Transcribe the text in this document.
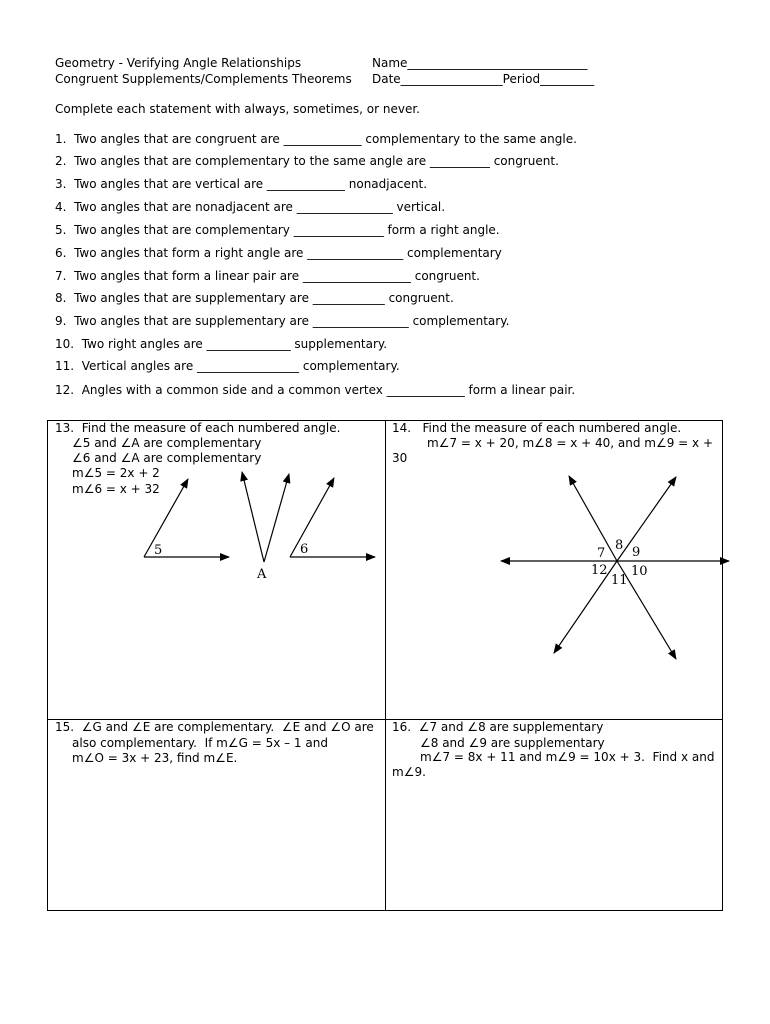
Geometry - Verifying Angle Relationships
Congruent Supplements/Complements Theorems
Name______________________________
Date_________________Period_________
Complete each statement with always, sometimes, or never.
1.  Two angles that are congruent are _____________ complementary to the same angle.
2.  Two angles that are complementary to the same angle are __________ congruent.
3.  Two angles that are vertical are _____________ nonadjacent.
4.  Two angles that are nonadjacent are ________________ vertical.
5.  Two angles that are complementary _______________ form a right angle.
6.  Two angles that form a right angle are ________________ complementary
7.  Two angles that form a linear pair are __________________ congruent.
8.  Two angles that are supplementary are ____________ congruent.
9.  Two angles that are supplementary are ________________ complementary.
10.  Two right angles are ______________ supplementary.
11.  Vertical angles are _________________ complementary.
12.  Angles with a common side and a common vertex _____________ form a linear pair.
13.  Find the measure of each numbered angle.
∠5 and ∠A are complementary
∠6 and ∠A are complementary
m∠5 = 2x + 2
m∠6 = x + 32
5
A
6
14.   Find the measure of each numbered angle.
m∠7 = x + 20, m∠8 = x + 40, and m∠9 = x +
30
7
8 9
12
11
10
15.  ∠G and ∠E are complementary.  ∠E and ∠O are
also complementary.  If m∠G = 5x – 1 and
m∠O = 3x + 23, find m∠E.
16.  ∠7 and ∠8 are supplementary
∠8 and ∠9 are supplementary
m∠7 = 8x + 11 and m∠9 = 10x + 3.  Find x and
m∠9.
